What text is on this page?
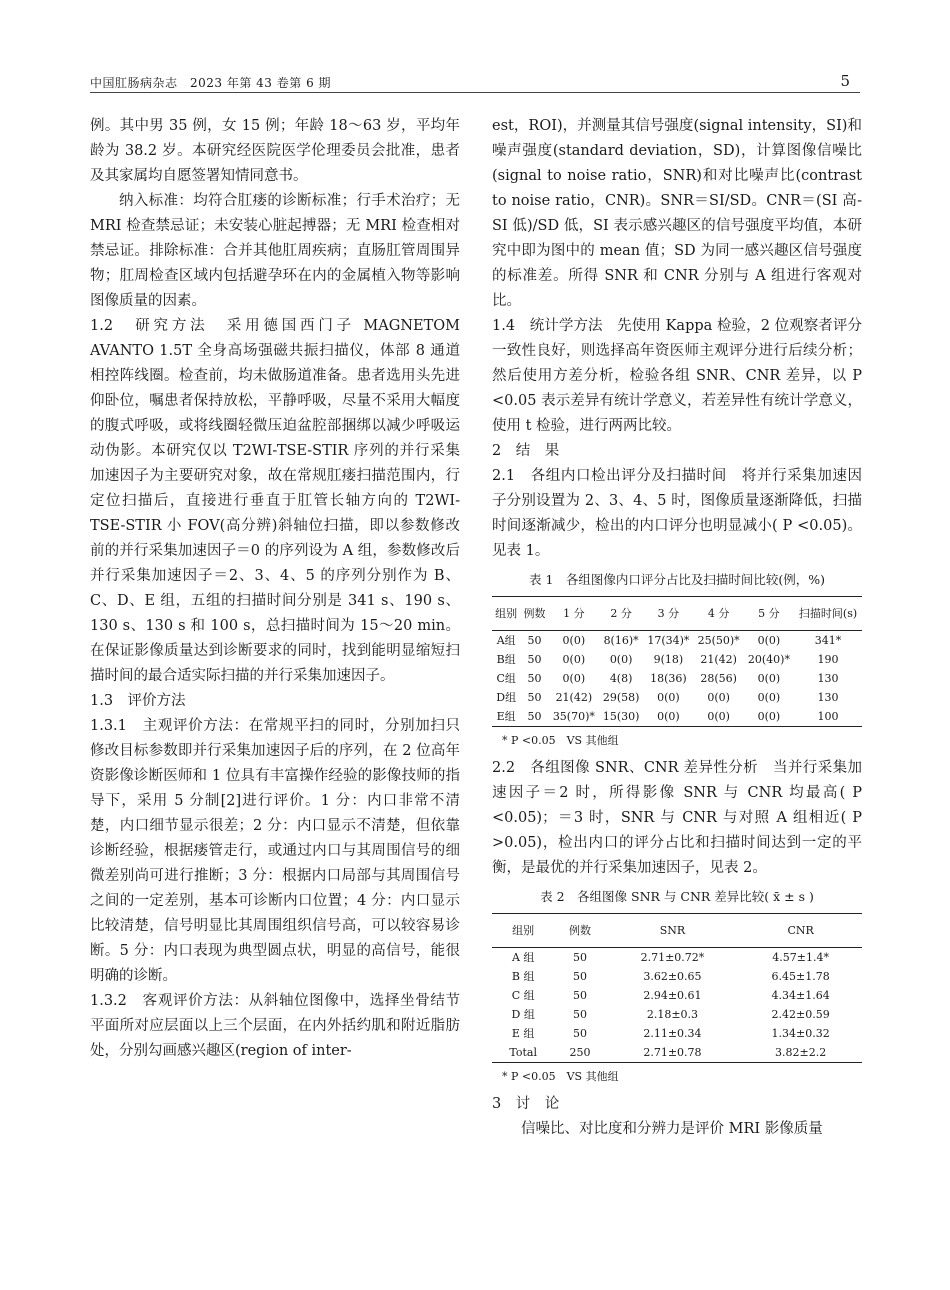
中国肛肠病杂志　2023 年第 43 卷第 6 期	5

例。其中男 35 例，女 15 例；年龄 18～63 岁，平均年龄为 38.2 岁。本研究经医院医学伦理委员会批准，患者及其家属均自愿签署知情同意书。

纳入标准：均符合肛瘘的诊断标准；行手术治疗；无 MRI 检查禁忌证；未安装心脏起搏器；无 MRI 检查相对禁忌证。排除标准：合并其他肛周疾病；直肠肛管周围异物；肛周检查区域内包括避孕环在内的金属植入物等影响图像质量的因素。

1.2　研究方法　采用德国西门子 MAGNETOM AVANTO 1.5T 全身高场强磁共振扫描仪，体部 8 通道相控阵线圈。检查前，均未做肠道准备。患者选用头先进仰卧位，嘱患者保持放松，平静呼吸，尽量不采用大幅度的腹式呼吸，或将线圈轻微压迫盆腔部捆绑以减少呼吸运动伪影。本研究仅以 T2WI-TSE-STIR 序列的并行采集加速因子为主要研究对象，故在常规肛瘘扫描范围内，行定位扫描后，直接进行垂直于肛管长轴方向的 T2WI-TSE-STIR 小 FOV(高分辨)斜轴位扫描，即以参数修改前的并行采集加速因子＝0 的序列设为 A 组，参数修改后并行采集加速因子＝2、3、4、5 的序列分别作为 B、C、D、E 组，五组的扫描时间分别是 341 s、190 s、130 s、130 s 和 100 s，总扫描时间为 15～20 min。在保证影像质量达到诊断要求的同时，找到能明显缩短扫描时间的最合适实际扫描的并行采集加速因子。

1.3　评价方法

1.3.1　主观评价方法：在常规平扫的同时，分别加扫只修改目标参数即并行采集加速因子后的序列，在 2 位高年资影像诊断医师和 1 位具有丰富操作经验的影像技师的指导下，采用 5 分制[2]进行评价。1 分：内口非常不清楚，内口细节显示很差；2 分：内口显示不清楚，但依靠诊断经验，根据瘘管走行，或通过内口与其周围信号的细微差别尚可进行推断；3 分：根据内口局部与其周围信号之间的一定差别，基本可诊断内口位置；4 分：内口显示比较清楚，信号明显比其周围组织信号高，可以较容易诊断。5 分：内口表现为典型圆点状，明显的高信号，能很明确的诊断。

1.3.2　客观评价方法：从斜轴位图像中，选择坐骨结节平面所对应层面以上三个层面，在内外括约肌和附近脂肪处，分别勾画感兴趣区(region of inter-

est，ROI)，并测量其信号强度(signal intensity，SI)和噪声强度(standard deviation，SD)，计算图像信噪比(signal to noise ratio，SNR)和对比噪声比(contrast to noise ratio，CNR)。SNR＝SI/SD。CNR＝(SI 高-SI 低)/SD 低，SI 表示感兴趣区的信号强度平均值，本研究中即为图中的 mean 值；SD 为同一感兴趣区信号强度的标准差。所得 SNR 和 CNR 分别与 A 组进行客观对比。

1.4　统计学方法　先使用 Kappa 检验，2 位观察者评分一致性良好，则选择高年资医师主观评分进行后续分析；然后使用方差分析，检验各组 SNR、CNR 差异，以 P <0.05 表示差异有统计学意义，若差异性有统计学意义，使用 t 检验，进行两两比较。

2　结　果

2.1　各组内口检出评分及扫描时间　将并行采集加速因子分别设置为 2、3、4、5 时，图像质量逐渐降低，扫描时间逐渐减少，检出的内口评分也明显减小( P <0.05)。见表 1。

表 1　各组图像内口评分占比及扫描时间比较(例，%)
组别	例数	1 分	2 分	3 分	4 分	5 分	扫描时间(s)
A组	50	0(0)	8(16)*	17(34)*	25(50)*	0(0)	341*
B组	50	0(0)	0(0)	9(18)	21(42)	20(40)*	190
C组	50	0(0)	4(8)	18(36)	28(56)	0(0)	130
D组	50	21(42)	29(58)	0(0)	0(0)	0(0)	130
E组	50	35(70)*	15(30)	0(0)	0(0)	0(0)	100
* P <0.05　VS 其他组

2.2　各组图像 SNR、CNR 差异性分析　当并行采集加速因子＝2 时，所得影像 SNR 与 CNR 均最高( P <0.05)；＝3 时，SNR 与 CNR 与对照 A 组相近( P >0.05)，检出内口的评分占比和扫描时间达到一定的平衡，是最优的并行采集加速因子，见表 2。

表 2　各组图像 SNR 与 CNR 差异比较( x̄ ± s )
组别	例数	SNR	CNR
A 组	50	2.71±0.72*	4.57±1.4*
B 组	50	3.62±0.65	6.45±1.78
C 组	50	2.94±0.61	4.34±1.64
D 组	50	2.18±0.3	2.42±0.59
E 组	50	2.11±0.34	1.34±0.32
Total	250	2.71±0.78	3.82±2.2
* P <0.05　VS 其他组

3　讨　论

信噪比、对比度和分辨力是评价 MRI 影像质量
